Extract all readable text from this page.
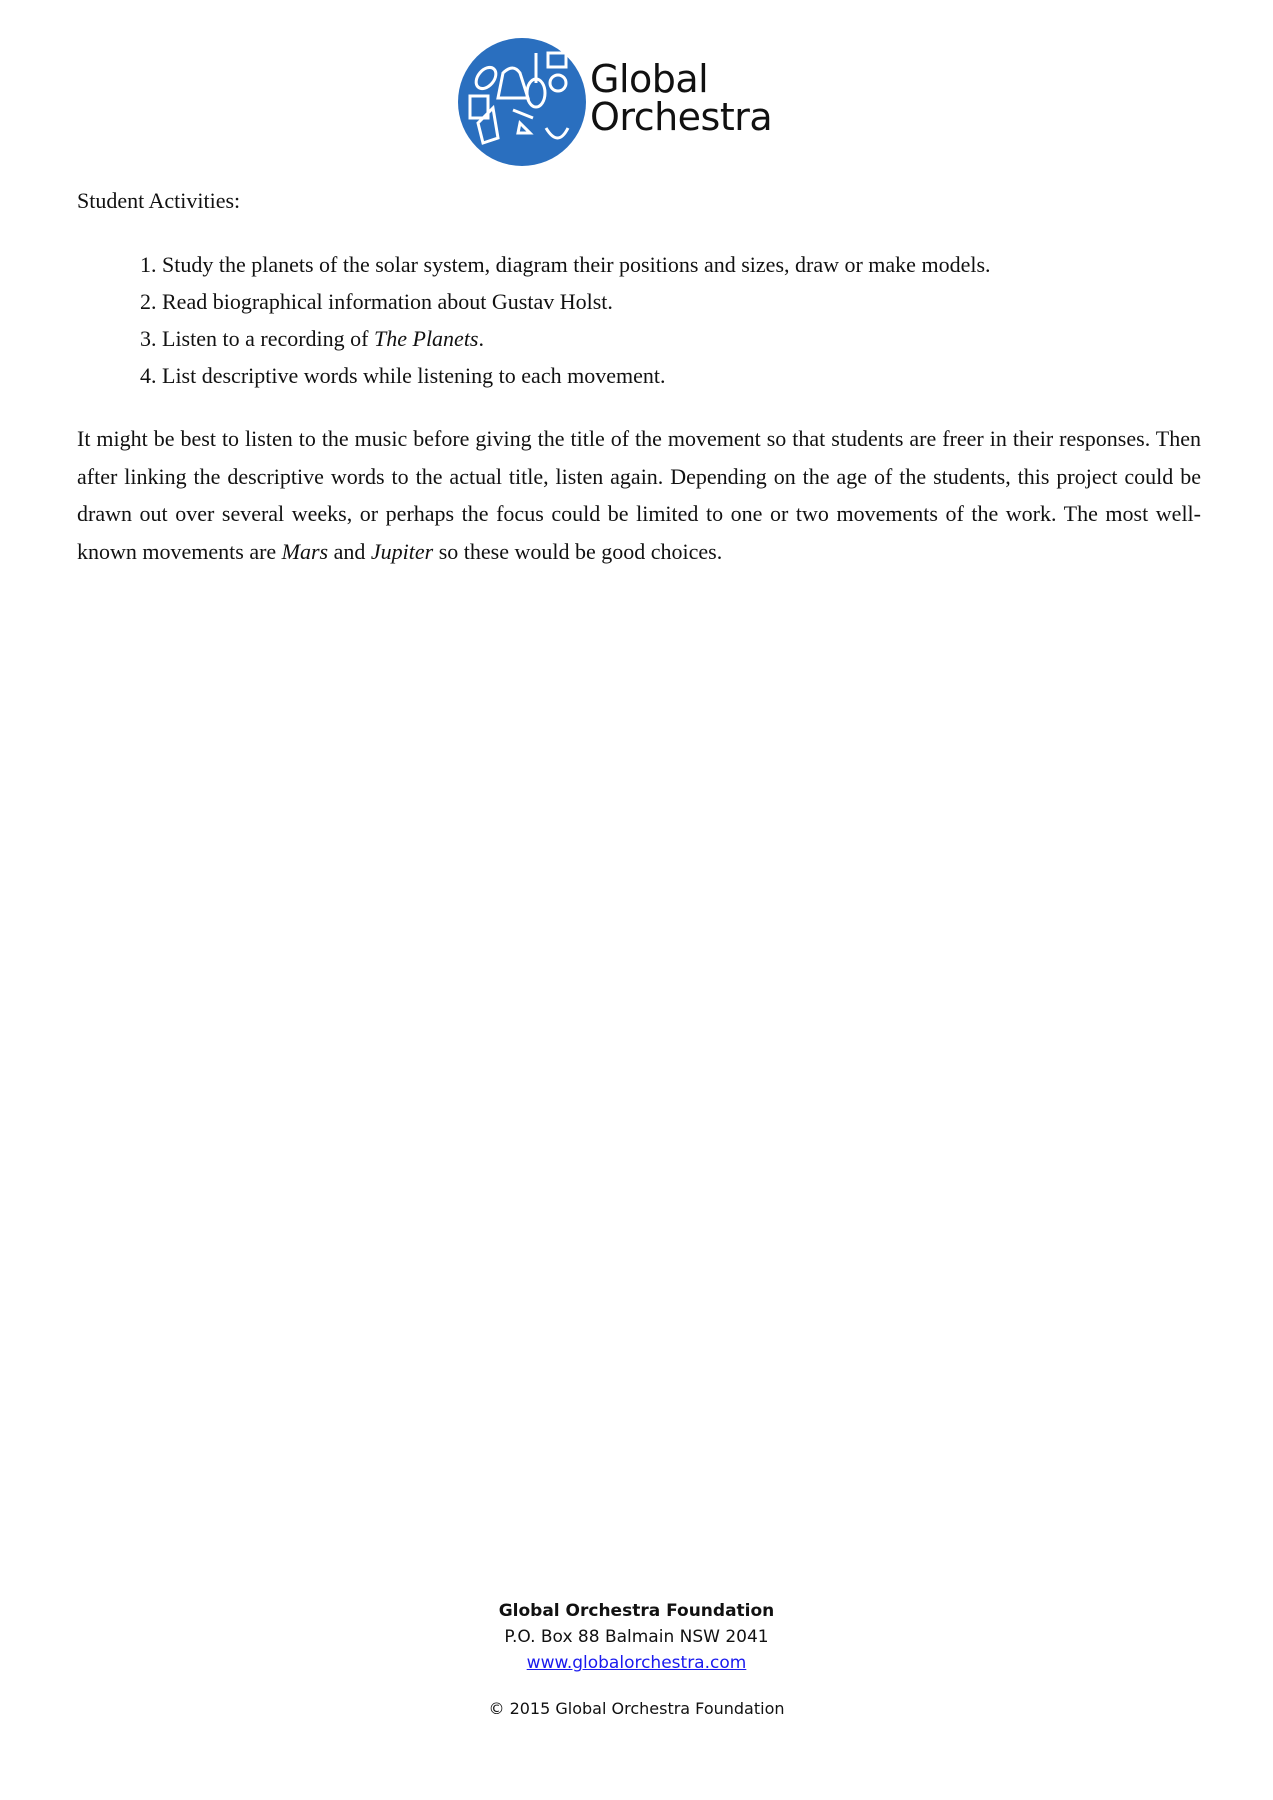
Global
Orchestra
Student Activities:
1. Study the planets of the solar system, diagram their positions and sizes, draw or make models.
2. Read biographical information about Gustav Holst.
3. Listen to a recording of The Planets.
4. List descriptive words while listening to each movement.
It might be best to listen to the music before giving the title of the movement so that students are freer in their responses. Then after linking the descriptive words to the actual title, listen again. Depending on the age of the students, this project could be drawn out over several weeks, or perhaps the focus could be limited to one or two movements of the work. The most well-known movements are Mars and Jupiter so these would be good choices.
Global Orchestra Foundation
P.O. Box 88 Balmain NSW 2041
www.globalorchestra.com
© 2015 Global Orchestra Foundation
